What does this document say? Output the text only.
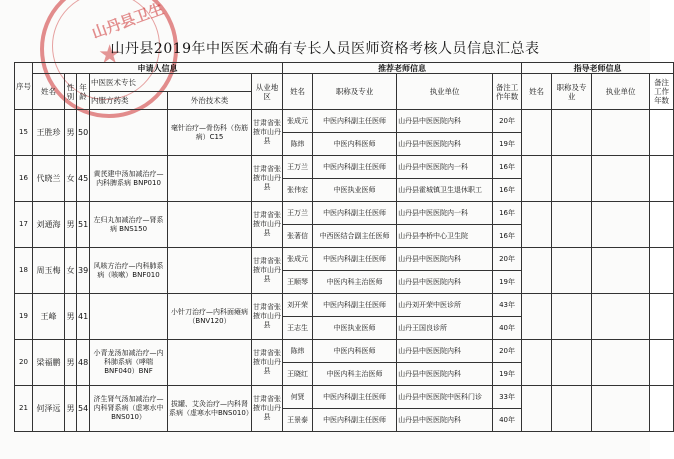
山丹县卫生
★
山丹县2019年中医医术确有专长人员医师资格考核人员信息汇总表
序号	申请人信息						推荐老师信息				指导老师信息			
	姓名	性别	年龄	中医医术专长		从业地区	姓名	职称及专业	执业单位	备注工作年数	姓名	职称及专业	执业单位	备注工作年数
				内服方药类	外治技术类									
15	王胜珍	男	50		毫针治疗—骨伤科（伤筋病）C15	甘肃省张掖市山丹县	张成元	中医内科副主任医师	山丹县中医医院内科	20年				
							陈炜	中医内科医师	山丹县中医医院内科	19年				
16	代晓兰	女	45	黄芪建中汤加减治疗—内科脾系病 BNP010		甘肃省张掖市山丹县	王万兰	中医内科副主任医师	山丹县中医医院内一科	16年				
							张伟宏	中医执业医师	山丹县霍城镇卫生退休职工	16年				
17	刘通海	男	51	左归丸加减治疗—肾系病 BNS150		甘肃省张掖市山丹县	王万兰	中医内科副主任医师	山丹县中医医院内一科	16年				
							张著信	中西医结合副主任医师	山丹县李桥中心卫生院	16年				
18	周玉梅	女	39	风咳方治疗—内科肺系病（咳嗽）BNF010		甘肃省张掖市山丹县	张成元	中医内科副主任医师	山丹县中医医院内科	20年				
							王顺琴	中医内科主治医师	山丹县中医医院内科	19年				
19	王峰	男	41		小针刀治疗—内科面瘫病（BNV120）	甘肃省张掖市山丹县	刘开荣	中医内科副主任医师	山丹刘开荣中医诊所	43年				
							王志生	中医执业医师	山丹王国良诊所	40年				
20	梁福鹏	男	48	小青龙汤加减治疗—内科肺系病（哮喘 BNF040）BNF		甘肃省张掖市山丹县	陈炜	中医内科医师	山丹县中医医院内科	20年				
							王晓红	中医内科主治医师	山丹县中医医院内科	19年				
21	何泽远	男	54	济生肾气汤加减治疗—内科肾系病（虚寒水中BNS010）	拔罐、艾灸治疗—内科肾系病（虚寒水中BNS010）	甘肃省张掖市山丹县	何贤	中医内科副主任医师	山丹县中医医院中医科门诊	33年				
							王景泰	中医内科副主任医师	山丹县中医医院内科	40年				
